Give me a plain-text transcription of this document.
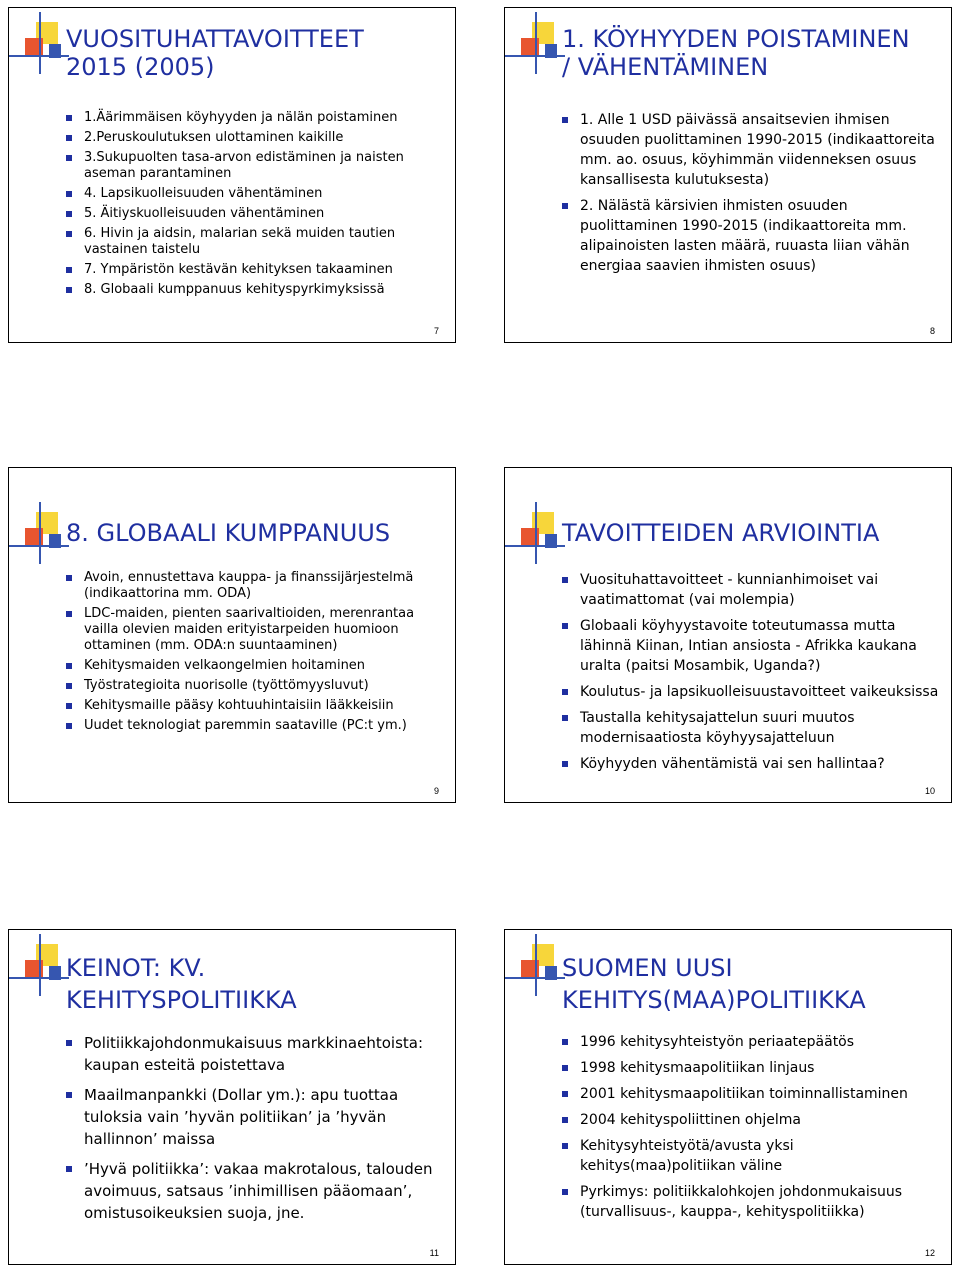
VUOSITUHATTAVOITTEET
2015 (2005)
1.Äärimmäisen köyhyyden ja nälän poistaminen
2.Peruskoulutuksen ulottaminen kaikille
3.Sukupuolten tasa-arvon edistäminen ja naisten aseman parantaminen
4. Lapsikuolleisuuden vähentäminen
5. Äitiyskuolleisuuden vähentäminen
6. Hivin ja aidsin, malarian sekä muiden tautien vastainen taistelu
7. Ympäristön kestävän kehityksen takaaminen
8. Globaali kumppanuus kehityspyrkimyksissä
7
1. KÖYHYYDEN POISTAMINEN
/ VÄHENTÄMINEN
1. Alle 1 USD päivässä ansaitsevien ihmisen osuuden puolittaminen 1990-2015 (indikaattoreita mm. ao. osuus, köyhimmän viidenneksen osuus kansallisesta kulutuksesta)
2. Nälästä kärsivien ihmisten osuuden puolittaminen 1990-2015 (indikaattoreita mm. alipainoisten lasten määrä, ruuasta liian vähän energiaa saavien ihmisten osuus)
8
8. GLOBAALI KUMPPANUUS
Avoin, ennustettava kauppa- ja finanssijärjestelmä (indikaattorina mm. ODA)
LDC-maiden, pienten saarivaltioiden, merenrantaa vailla olevien maiden erityistarpeiden huomioon ottaminen (mm. ODA:n suuntaaminen)
Kehitysmaiden velkaongelmien hoitaminen
Työstrategioita nuorisolle (työttömyysluvut)
Kehitysmaille pääsy kohtuuhintaisiin lääkkeisiin
Uudet teknologiat paremmin saataville (PC:t ym.)
9
TAVOITTEIDEN ARVIOINTIA
Vuosituhattavoitteet - kunnianhimoiset vai vaatimattomat (vai molempia)
Globaali köyhyystavoite toteutumassa mutta lähinnä Kiinan, Intian ansiosta - Afrikka kaukana uralta (paitsi Mosambik, Uganda?)
Koulutus- ja lapsikuolleisuustavoitteet vaikeuksissa
Taustalla kehitysajattelun suuri muutos modernisaatiosta köyhyysajatteluun
Köyhyyden vähentämistä vai sen hallintaa?
10
KEINOT: KV.
KEHITYSPOLITIIKKA
Politiikkajohdonmukaisuus markkinaehtoista: kaupan esteitä poistettava
Maailmanpankki (Dollar ym.): apu tuottaa tuloksia vain ’hyvän politiikan’ ja ’hyvän hallinnon’ maissa
’Hyvä politiikka’: vakaa makrotalous, talouden avoimuus, satsaus ’inhimillisen pääomaan’, omistusoikeuksien suoja, jne.
11
SUOMEN UUSI
KEHITYS(MAA)POLITIIKKA
1996 kehitysyhteistyön periaatepäätös
1998 kehitysmaapolitiikan linjaus
2001 kehitysmaapolitiikan toiminnallistaminen
2004 kehityspoliittinen ohjelma
Kehitysyhteistyötä/avusta yksi kehitys(maa)politiikan väline
Pyrkimys: politiikkalohkojen johdonmukaisuus (turvallisuus-, kauppa-, kehityspolitiikka)
12
